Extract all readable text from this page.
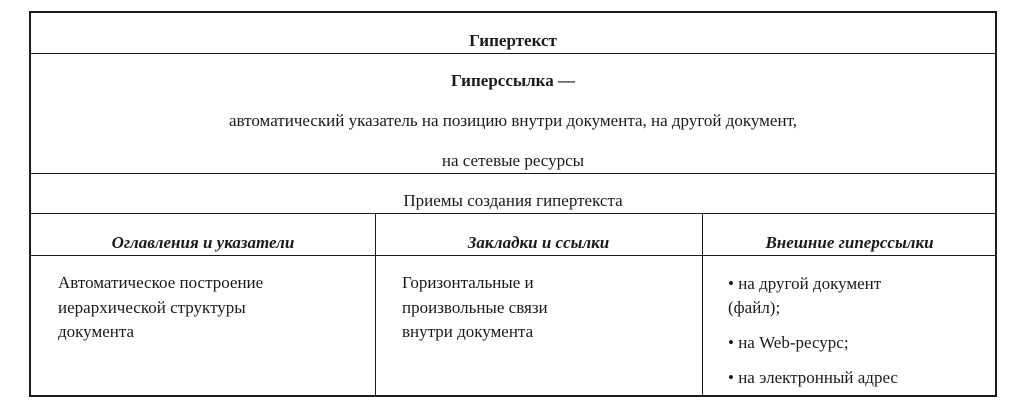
Гипертекст
Гиперссылка —
автоматический указатель на позицию внутри документа, на другой документ,
на сетевые ресурсы
Приемы создания гипертекста
Оглавления и указатели	Закладки и ссылки	Внешние гиперссылки
Автоматическое построение
иерархической структуры
документа
Горизонтальные и
произвольные связи
внутри документа
• на другой документ
(файл);
• на Web-ресурс;
• на электронный адрес
